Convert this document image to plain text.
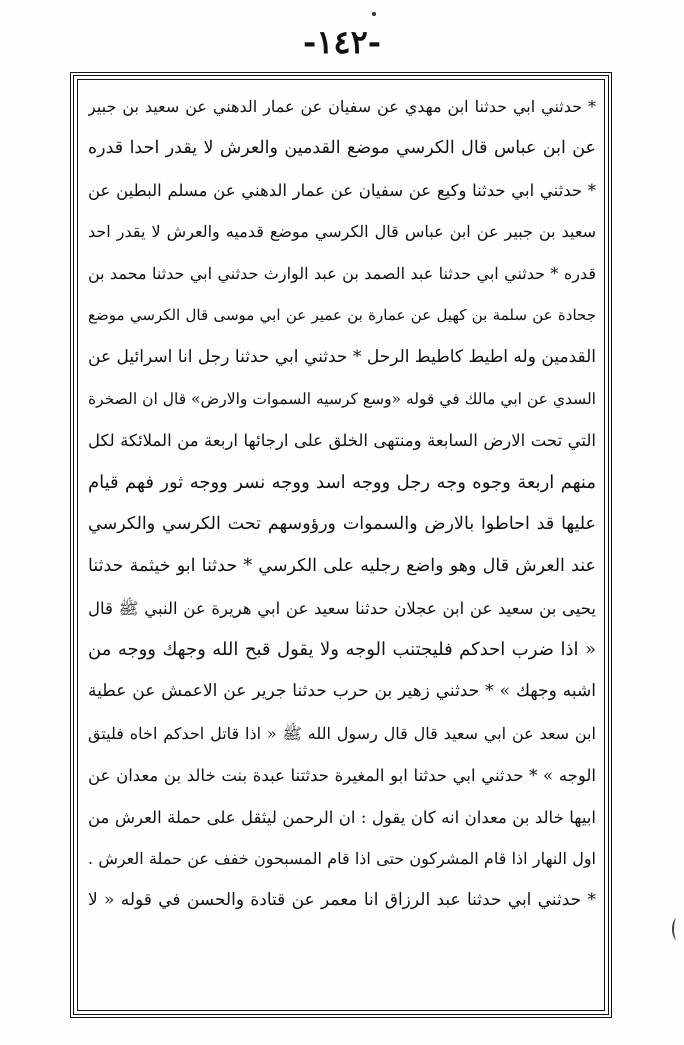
-١٤٢-
* حدثني ابي حدثنا ابن مهدي عن سفيان عن عمار الدهني عن سعيد بن جبير
عن ابن عباس قال الكرسي موضع القدمين والعرش لا يقدر احدا قدره
* حدثني ابي حدثنا وكيع عن سفيان عن عمار الدهني عن مسلم البطين عن
سعيد بن جبير عن ابن عباس قال الكرسي موضع قدميه والعرش لا يقدر احد
قدره * حدثني ابي حدثنا عبد الصمد بن عبد الوارث حدثني ابي حدثنا محمد بن
جحادة عن سلمة بن كهيل عن عمارة بن عمير عن ابي موسى قال الكرسي موضع
القدمين وله اطيط كاطيط الرحل * حدثني ابي حدثنا رجل انا اسرائيل عن
السدي عن ابي مالك في قوله «وسع كرسيه السموات والارض» قال ان الصخرة
التي تحت الارض السابعة ومنتهى الخلق على ارجائها اربعة من الملائكة لكل
منهم اربعة وجوه وجه رجل ووجه اسد ووجه نسر ووجه ثور فهم قيام
عليها قد احاطوا بالارض والسموات ورؤوسهم تحت الكرسي والكرسي
عند العرش قال وهو واضع رجليه على الكرسي * حدثنا ابو خيثمة حدثنا
يحيى بن سعيد عن ابن عجلان حدثنا سعيد عن ابي هريرة عن النبي ﷺ قال
« اذا ضرب احدكم فليجتنب الوجه ولا يقول قبح الله وجهك ووجه من
اشبه وجهك » * حدثني زهير بن حرب حدثنا جرير عن الاعمش عن عطية
ابن سعد عن ابي سعيد قال قال رسول الله ﷺ « اذا قاتل احدكم اخاه فليتق
الوجه » * حدثني ابي حدثنا ابو المغيرة حدثتنا عبدة بنت خالد بن معدان عن
ابيها خالد بن معدان انه كان يقول : ان الرحمن ليثقل على حملة العرش من
اول النهار اذا قام المشركون حتى اذا قام المسبحون خفف عن حملة العرش .
* حدثني ابي حدثنا عبد الرزاق انا معمر عن قتادة والحسن في قوله « لا
